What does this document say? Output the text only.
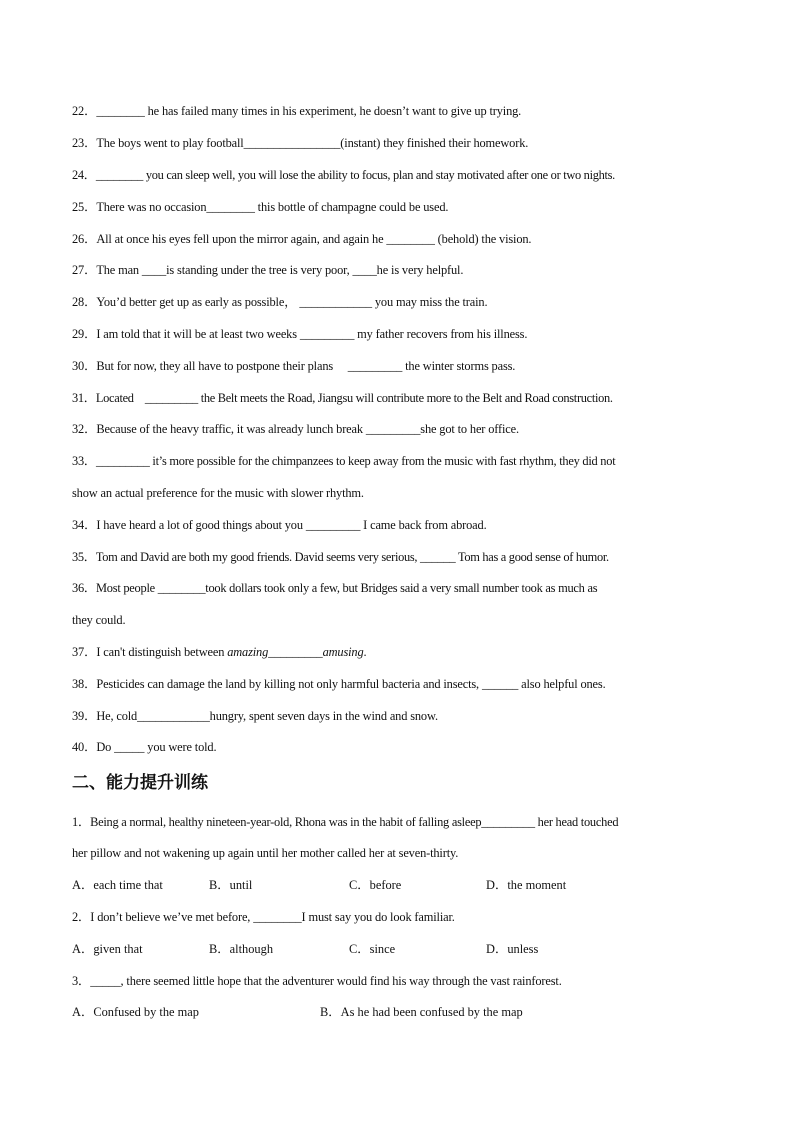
22．________ he has failed many times in his experiment, he doesn’t want to give up trying.
23．The boys went to play football________________(instant) they finished their homework.
24．________ you can sleep well, you will lose the ability to focus, plan and stay motivated after one or two nights.
25．There was no occasion________ this bottle of champagne could be used.
26．All at once his eyes fell upon the mirror again, and again he ________ (behold) the vision.
27．The man ____is standing under the tree is very poor, ____he is very helpful.
28．You’d better get up as early as possible， ____________ you may miss the train.
29．I am told that it will be at least two weeks _________ my father recovers from his illness.
30．But for now, they all have to postpone their plans     _________ the winter storms pass.
31．Located    _________ the Belt meets the Road, Jiangsu will contribute more to the Belt and Road construction.
32．Because of the heavy traffic, it was already lunch break _________she got to her office.
33．_________ it’s more possible for the chimpanzees to keep away from the music with fast rhythm, they did not
show an actual preference for the music with slower rhythm.
34．I have heard a lot of good things about you _________ I came back from abroad.
35．Tom and David are both my good friends. David seems very serious, ______ Tom has a good sense of humor.
36．Most people ________took dollars took only a few, but Bridges said a very small number took as much as
they could.
37．I can't distinguish between amazing_________amusing.
38．Pesticides can damage the land by killing not only harmful bacteria and insects, ______ also helpful ones.
39．He, cold____________hungry, spent seven days in the wind and snow.
40．Do _____ you were told.
二、能力提升训练
1．Being a normal, healthy nineteen-year-old, Rhona was in the habit of falling asleep_________ her head touched
her pillow and not wakening up again until her mother called her at seven-thirty.
A．each time that	B．until	C．before	D．the moment
2．I don’t believe we’ve met before, ________I must say you do look familiar.
A．given that	B．although	C．since	D．unless
3．_____, there seemed little hope that the adventurer would find his way through the vast rainforest.
A．Confused by the map	B．As he had been confused by the map
